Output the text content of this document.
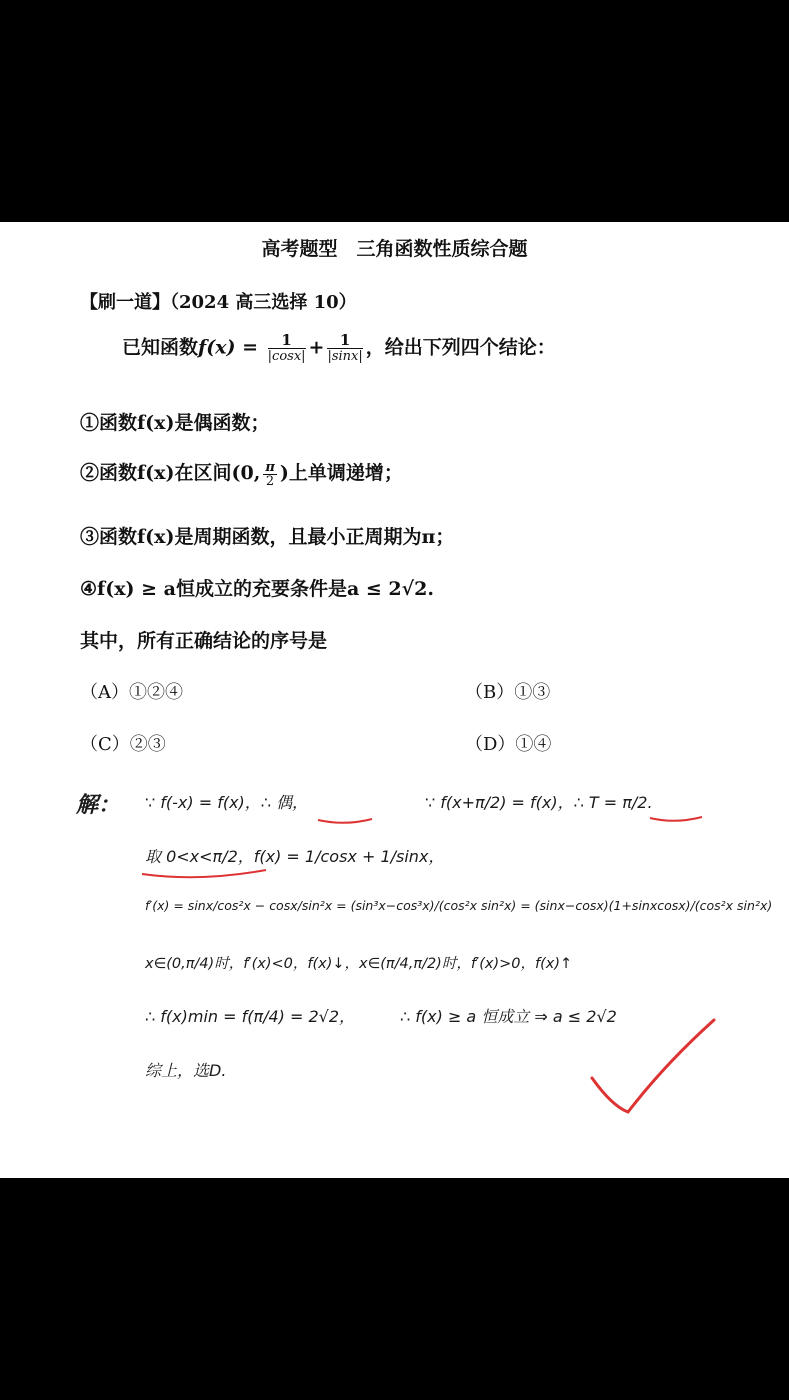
高考题型　三角函数性质综合题
【刷一道】（2024 高三选择 10）
已知函数$f(x) = \frac{1}{|\cos x|} + \frac{1}{|\sin x|}$ ，给出下列四个结论：
①函数f(x)是偶函数；
②函数f(x)在区间(0, $\frac{\pi}{2}$ )上单调递增；
③函数f(x)是周期函数，且最小正周期为π；
④f(x) ≥ a恒成立的充要条件是a ≤ 2√2.
其中，所有正确结论的序号是
（A）①②④	（B）①③
（C）②③	（D）①④
解： ∵ f(-x) = f(x)，∴ 偶，	∵ f(x+π/2) = f(x)，∴ T = π/2.
取 0<x<π/2，f(x) = 1/cosx + 1/sinx，
f′(x) = sinx/cos²x − cosx/sin²x = (sin³x−cos³x)/(cos²x sin²x) = (sinx−cosx)(1+sinxcosx)/(cos²x sin²x)
x∈(0,π/4)时，f′(x)<0，f(x)↓，x∈(π/4,π/2)时，f′(x)>0，f(x)↑
∴ f(x)min = f(π/4) = 2√2，	∴ f(x) ≥ a 恒成立 ⇒ a ≤ 2√2
综上，选D.
